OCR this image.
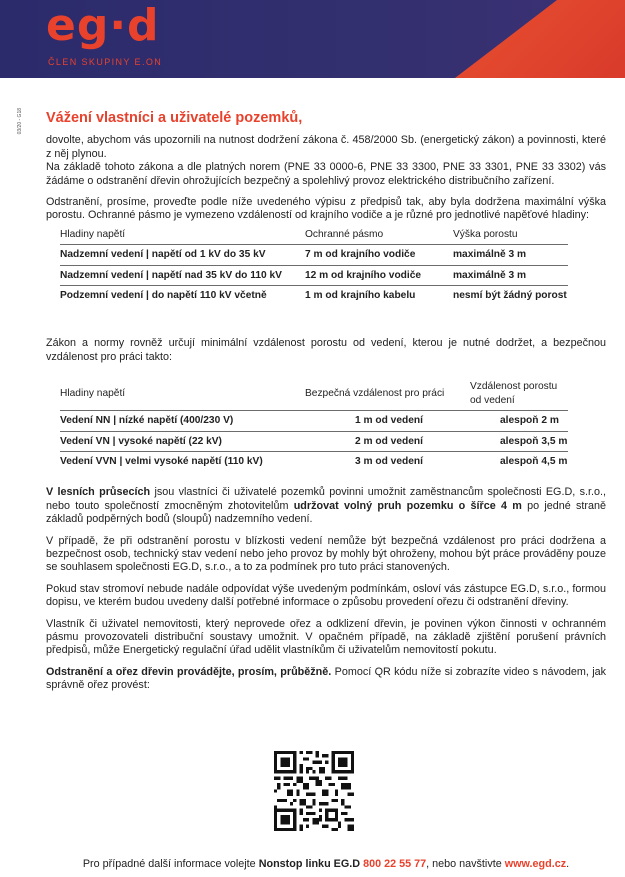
eg·d
ČLEN SKUPINY E.ON
03/20 - G18 Vážení vlastníci a uživatelé pozemků,

dovolte, abychom vás upozornili na nutnost dodržení zákona č. 458/2000 Sb. (energetický zákon) a povinnosti, které z něj plynou.

Na základě tohoto zákona a dle platných norem (PNE 33 0000-6, PNE 33 3300, PNE 33 3301, PNE 33 3302) vás žádáme o odstranění dřevin ohrožujících bezpečný a spolehlivý provoz elektrického distribučního zařízení.

Odstranění, prosíme, proveďte podle níže uvedeného výpisu z předpisů tak, aby byla dodržena maximální výška porostu. Ochranné pásmo je vymezeno vzdáleností od krajního vodiče a je různé pro jednotlivé napěťové hladiny:

Hladiny napětí	Ochranné pásmo	Výška porostu
Nadzemní vedení | napětí od 1 kV do 35 kV	7 m od krajního vodiče	maximálně 3 m
Nadzemní vedení | napětí nad 35 kV do 110 kV	12 m od krajního vodiče	maximálně 3 m
Podzemní vedení | do napětí 110 kV včetně	1 m od krajního kabelu	nesmí být žádný porost

Zákon a normy rovněž určují minimální vzdálenost porostu od vedení, kterou je nutné dodržet, a bezpečnou vzdálenost pro práci takto:

Hladiny napětí	Bezpečná vzdálenost pro práci	Vzdálenost porostu od vedení
Vedení NN | nízké napětí (400/230 V)	1 m od vedení	alespoň 2 m
Vedení VN | vysoké napětí (22 kV)	2 m od vedení	alespoň 3,5 m
Vedení VVN | velmi vysoké napětí (110 kV)	3 m od vedení	alespoň 4,5 m

V lesních průsecích jsou vlastníci či uživatelé pozemků povinni umožnit zaměstnancům společnosti EG.D, s.r.o., nebo touto společností zmocněným zhotovitelům udržovat volný pruh pozemku o šířce 4 m po jedné straně základů podpěrných bodů (sloupů) nadzemního vedení.

V případě, že při odstranění porostu v blízkosti vedení nemůže být bezpečná vzdálenost pro práci dodržena a bezpečnost osob, technický stav vedení nebo jeho provoz by mohly být ohroženy, mohou být práce prováděny pouze se souhlasem společnosti EG.D, s.r.o., a to za podmínek pro tuto práci stanovených.

Pokud stav stromoví nebude nadále odpovídat výše uvedeným podmínkám, osloví vás zástupce EG.D, s.r.o., formou dopisu, ve kterém budou uvedeny další potřebné informace o způsobu provedení ořezu či odstranění dřeviny.

Vlastník či uživatel nemovitosti, který neprovede ořez a odklizení dřevin, je povinen výkon činnosti v ochranném pásmu provozovateli distribuční soustavy umožnit. V opačném případě, na základě zjištění porušení právních předpisů, může Energetický regulační úřad udělit vlastníkům či uživatelům nemovitostí pokutu.

Odstranění a ořez dřevin provádějte, prosím, průběžně. Pomocí QR kódu níže si zobrazíte video s návodem, jak správně ořez provést:

Pro případné další informace volejte Nonstop linku EG.D 800 22 55 77, nebo navštivte www.egd.cz.
